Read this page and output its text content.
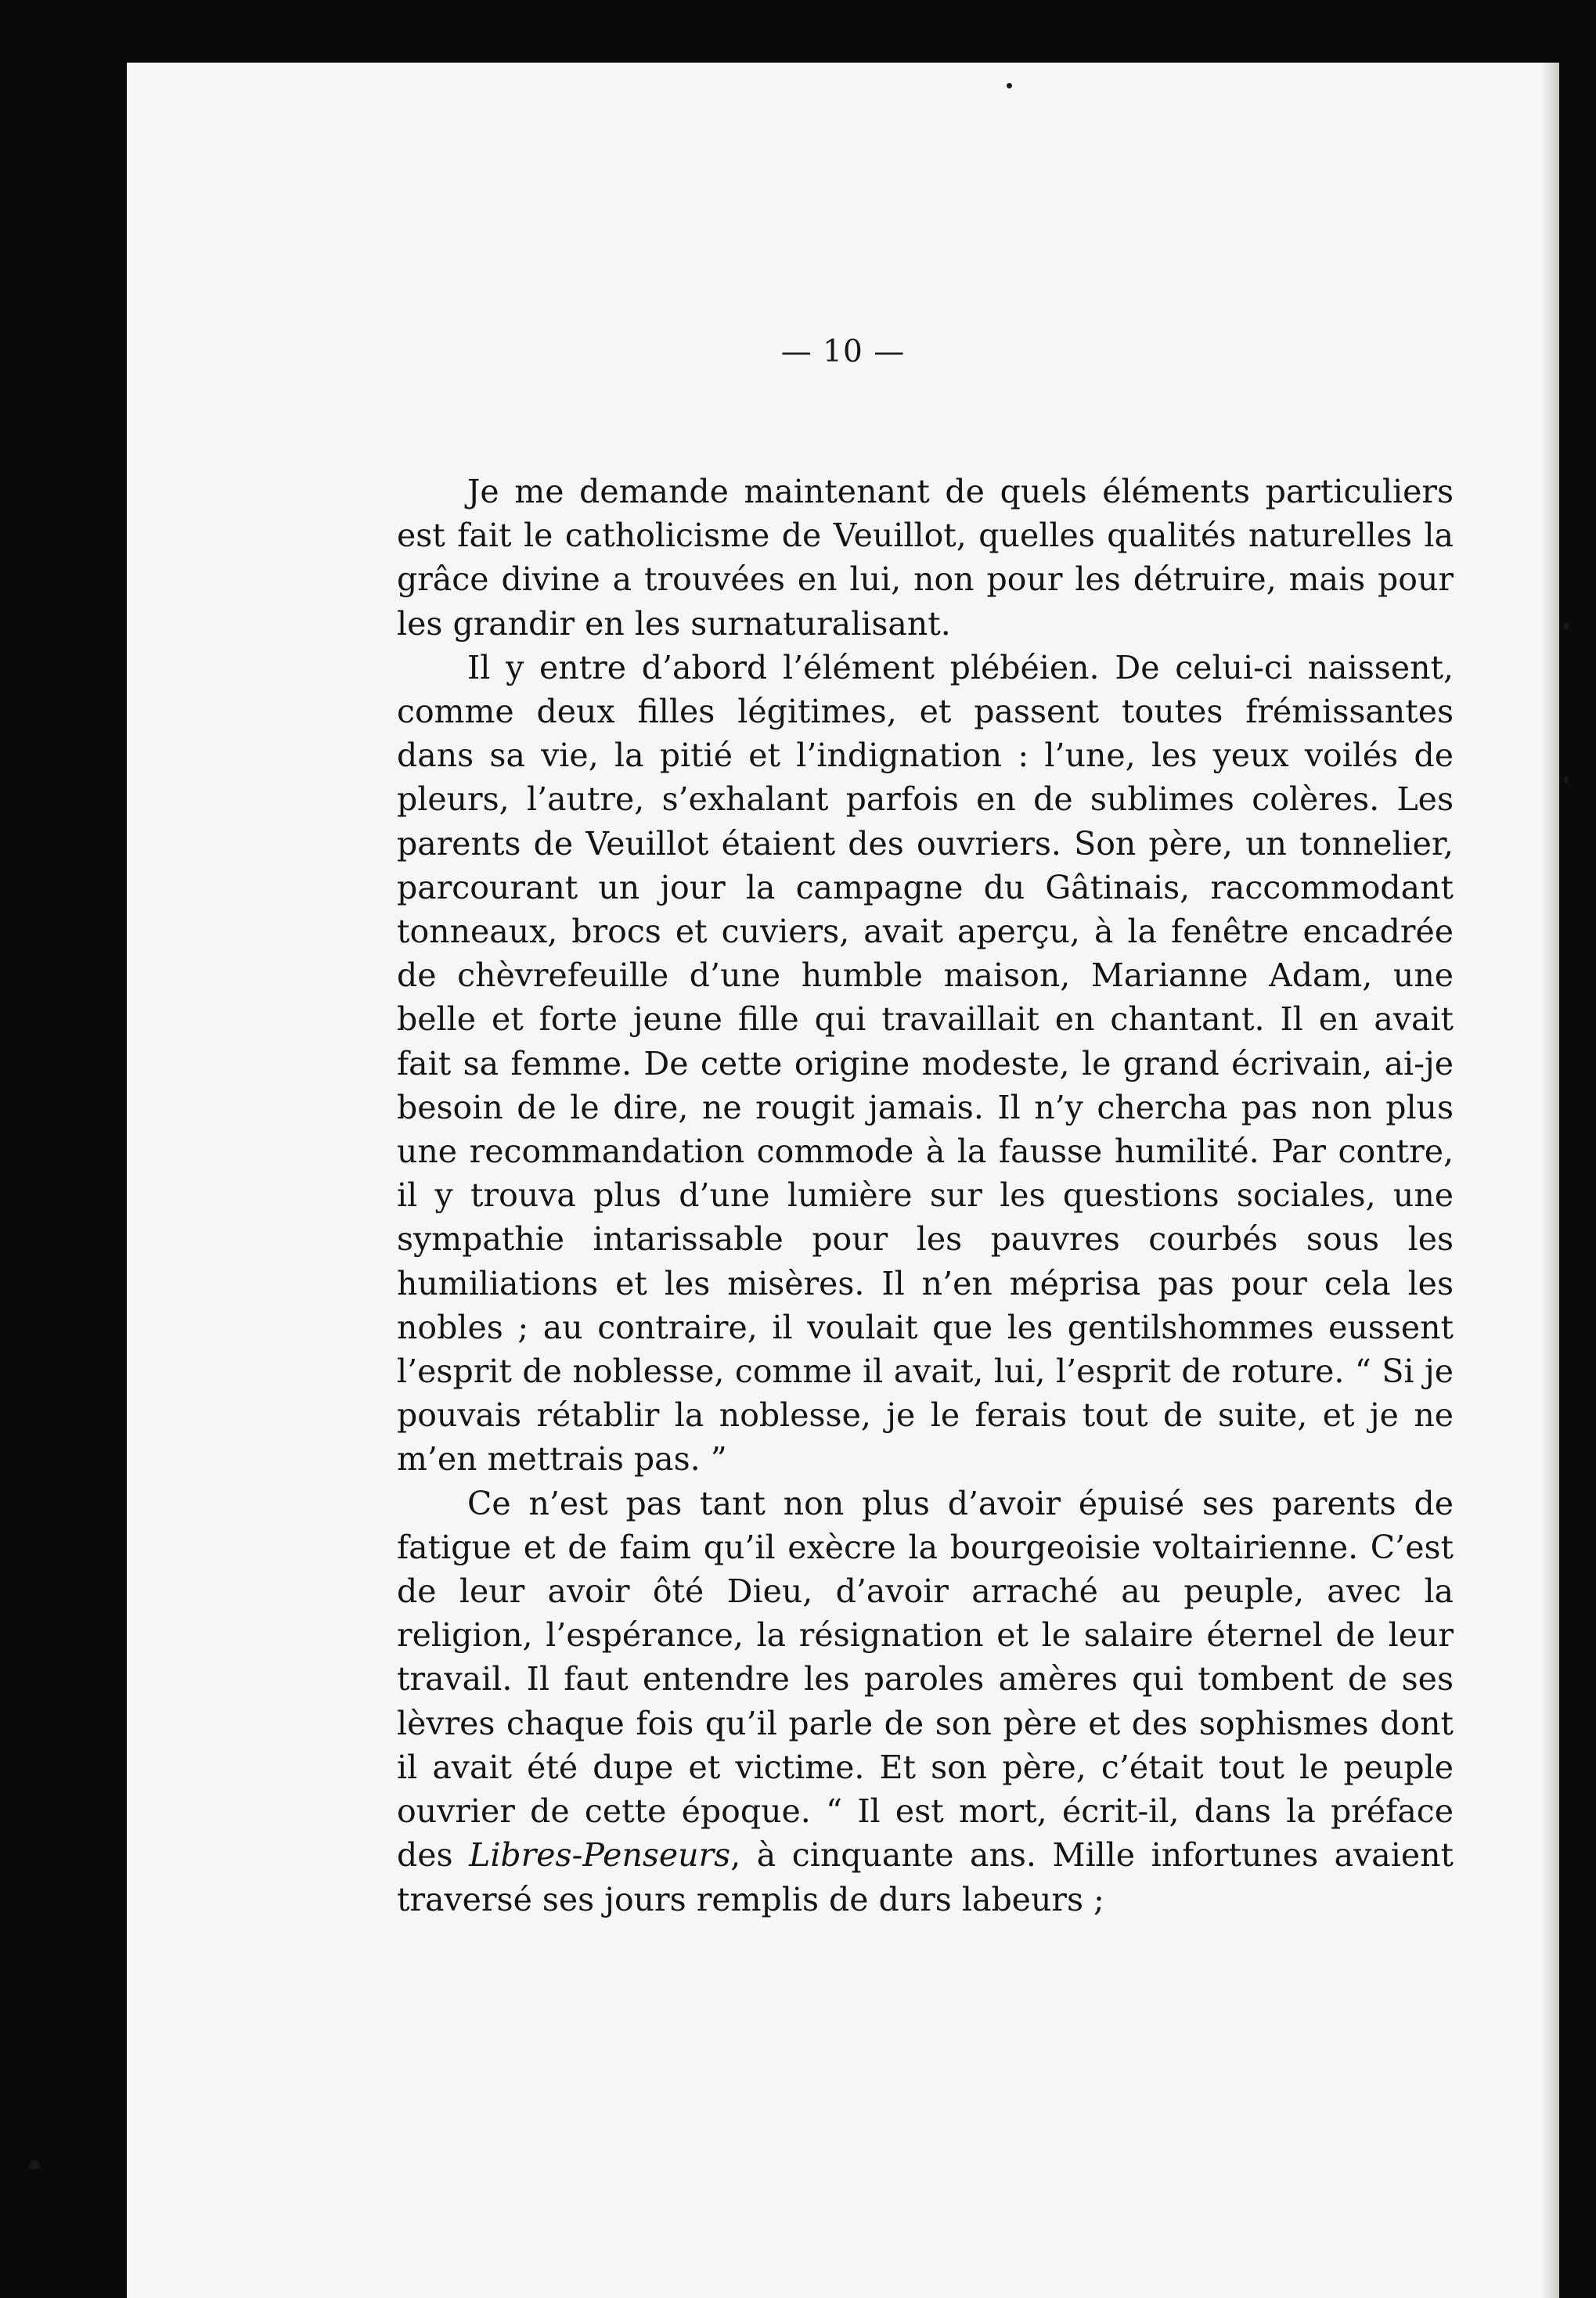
— 10 —

Je me demande maintenant de quels éléments particuliers est fait le catholicisme de Veuillot, quelles qualités naturelles la grâce divine a trouvées en lui, non pour les détruire, mais pour les grandir en les surnaturalisant.

Il y entre d’abord l’élément plébéien. De celui-ci naissent, comme deux filles légitimes, et passent toutes frémissantes dans sa vie, la pitié et l’indignation : l’une, les yeux voilés de pleurs, l’autre, s’exhalant parfois en de sublimes colères. Les parents de Veuillot étaient des ouvriers. Son père, un tonnelier, parcourant un jour la campagne du Gâtinais, raccommodant tonneaux, brocs et cuviers, avait aperçu, à la fenêtre encadrée de chèvrefeuille d’une humble maison, Marianne Adam, une belle et forte jeune fille qui travaillait en chantant. Il en avait fait sa femme. De cette origine modeste, le grand écrivain, ai-je besoin de le dire, ne rougit jamais. Il n’y chercha pas non plus une recommandation commode à la fausse humilité. Par contre, il y trouva plus d’une lumière sur les questions sociales, une sympathie intarissable pour les pauvres courbés sous les humiliations et les misères. Il n’en méprisa pas pour cela les nobles ; au contraire, il voulait que les gentilshommes eussent l’esprit de noblesse, comme il avait, lui, l’esprit de roture. “ Si je pouvais rétablir la noblesse, je le ferais tout de suite, et je ne m’en mettrais pas. ”

Ce n’est pas tant non plus d’avoir épuisé ses parents de fatigue et de faim qu’il exècre la bourgeoisie voltairienne. C’est de leur avoir ôté Dieu, d’avoir arraché au peuple, avec la religion, l’espérance, la résignation et le salaire éternel de leur travail. Il faut entendre les paroles amères qui tombent de ses lèvres chaque fois qu’il parle de son père et des sophismes dont il avait été dupe et victime. Et son père, c’était tout le peuple ouvrier de cette époque. “ Il est mort, écrit-il, dans la préface des Libres-Penseurs, à cinquante ans. Mille infortunes avaient traversé ses jours remplis de durs labeurs ;
